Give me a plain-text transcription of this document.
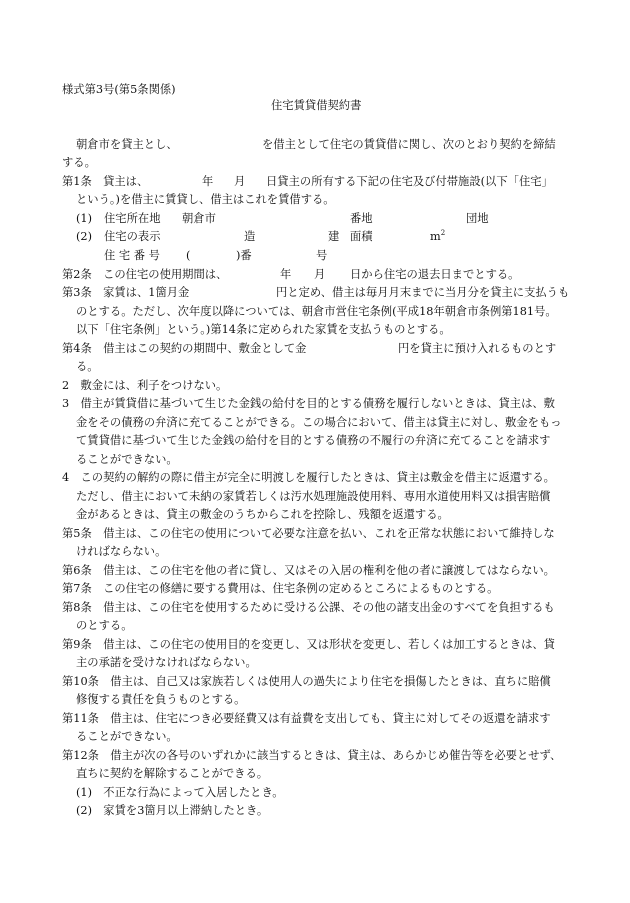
様式第3号(第5条関係)
住宅賃貸借契約書
朝倉市を貸主とし、	を借主として住宅の賃貸借に関し、次のとおり契約を締結
する。
第1条　貸主は、	年 月 日貸主の所有する下記の住宅及び付帯施設(以下「住宅」
という。)を借主に賃貸し、借主はこれを賃借する。
(1) 住宅所在地 朝倉市	番地	団地
(2) 住宅の表示	造	建 面積	$m^2$
住 宅 番 号 (	)番	号
第2条　この住宅の使用期間は、	年 月 日から住宅の退去日までとする。
第3条　家賃は、1箇月金	円と定め、借主は毎月月末までに当月分を貸主に支払うも
のとする。ただし、次年度以降については、朝倉市営住宅条例(平成18年朝倉市条例第181号。
以下「住宅条例」という。)第14条に定められた家賃を支払うものとする。
第4条　借主はこの契約の期間中、敷金として金	円を貸主に預け入れるものとす
る。
2　敷金には、利子をつけない。
3　借主が賃貸借に基づいて生じた金銭の給付を目的とする債務を履行しないときは、貸主は、敷
金をその債務の弁済に充てることができる。この場合において、借主は貸主に対し、敷金をもっ
て賃貸借に基づいて生じた金銭の給付を目的とする債務の不履行の弁済に充てることを請求す
ることができない。
4　この契約の解約の際に借主が完全に明渡しを履行したときは、貸主は敷金を借主に返還する。
ただし、借主において未納の家賃若しくは汚水処理施設使用料、専用水道使用料又は損害賠償
金があるときは、貸主の敷金のうちからこれを控除し、残額を返還する。
第5条　借主は、この住宅の使用について必要な注意を払い、これを正常な状態において維持しな
ければならない。
第6条　借主は、この住宅を他の者に貸し、又はその入居の権利を他の者に譲渡してはならない。
第7条　この住宅の修繕に要する費用は、住宅条例の定めるところによるものとする。
第8条　借主は、この住宅を使用するために受ける公課、その他の諸支出金のすべてを負担するも
のとする。
第9条　借主は、この住宅の使用目的を変更し、又は形状を変更し、若しくは加工するときは、貸
主の承諾を受けなければならない。
第10条　借主は、自己又は家族若しくは使用人の過失により住宅を損傷したときは、直ちに賠償
修復する責任を負うものとする。
第11条　借主は、住宅につき必要経費又は有益費を支出しても、貸主に対してその返還を請求す
ることができない。
第12条　借主が次の各号のいずれかに該当するときは、貸主は、あらかじめ催告等を必要とせず、
直ちに契約を解除することができる。
(1)　不正な行為によって入居したとき。
(2)　家賃を3箇月以上滞納したとき。
